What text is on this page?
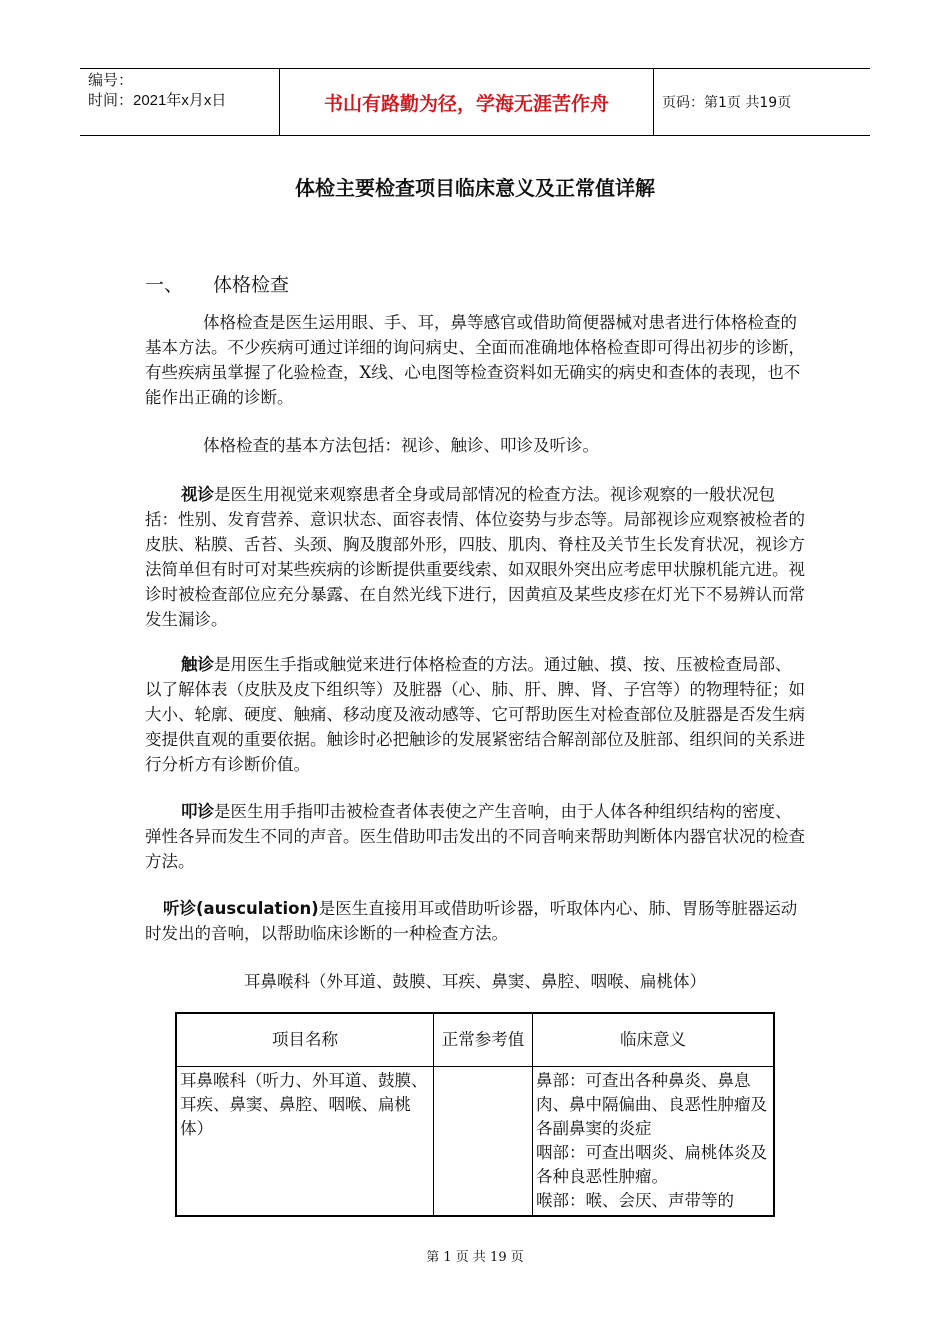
编号：
时间：2021年x月x日	书山有路勤为径，学海无涯苦作舟	页码：第1页 共19页
体检主要检查项目临床意义及正常值详解
一、 体格检查
体格检查是医生运用眼、手、耳，鼻等感官或借助简便器械对患者进行体格检查的基本方法。不少疾病可通过详细的询问病史、全面而准确地体格检查即可得出初步的诊断，有些疾病虽掌握了化验检查，X线、心电图等检查资料如无确实的病史和查体的表现，也不能作出正确的诊断。
体格检查的基本方法包括：视诊、触诊、叩诊及听诊。
视诊是医生用视觉来观察患者全身或局部情况的检查方法。视诊观察的一般状况包括：性别、发育营养、意识状态、面容表情、体位姿势与步态等。局部视诊应观察被检者的皮肤、粘膜、舌苔、头颈、胸及腹部外形，四肢、肌肉、脊柱及关节生长发育状况，视诊方法简单但有时可对某些疾病的诊断提供重要线索、如双眼外突出应考虑甲状腺机能亢进。视诊时被检查部位应充分暴露、在自然光线下进行，因黄疸及某些皮疹在灯光下不易辨认而常发生漏诊。
触诊是用医生手指或触觉来进行体格检查的方法。通过触、摸、按、压被检查局部、以了解体表（皮肤及皮下组织等）及脏器（心、肺、肝、脾、肾、子宫等）的物理特征；如大小、轮廓、硬度、触痛、移动度及液动感等、它可帮助医生对检查部位及脏器是否发生病变提供直观的重要依据。触诊时必把触诊的发展紧密结合解剖部位及脏部、组织间的关系进行分析方有诊断价值。
叩诊是医生用手指叩击被检查者体表使之产生音响，由于人体各种组织结构的密度、弹性各异而发生不同的声音。医生借助叩击发出的不同音响来帮助判断体内器官状况的检查方法。
听诊(ausculation)是医生直接用耳或借助听诊器，听取体内心、肺、胃肠等脏器运动时发出的音响，以帮助临床诊断的一种检查方法。
耳鼻喉科（外耳道、鼓膜、耳疾、鼻窦、鼻腔、咽喉、扁桃体）
项目名称	正常参考值	临床意义
耳鼻喉科（听力、外耳道、鼓膜、耳疾、鼻窦、鼻腔、咽喉、扁桃体）		鼻部：可查出各种鼻炎、鼻息肉、鼻中隔偏曲、良恶性肿瘤及各副鼻窦的炎症
咽部：可查出咽炎、扁桃体炎及各种良恶性肿瘤。
喉部：喉、会厌、声带等的
第 1 页 共 19 页
